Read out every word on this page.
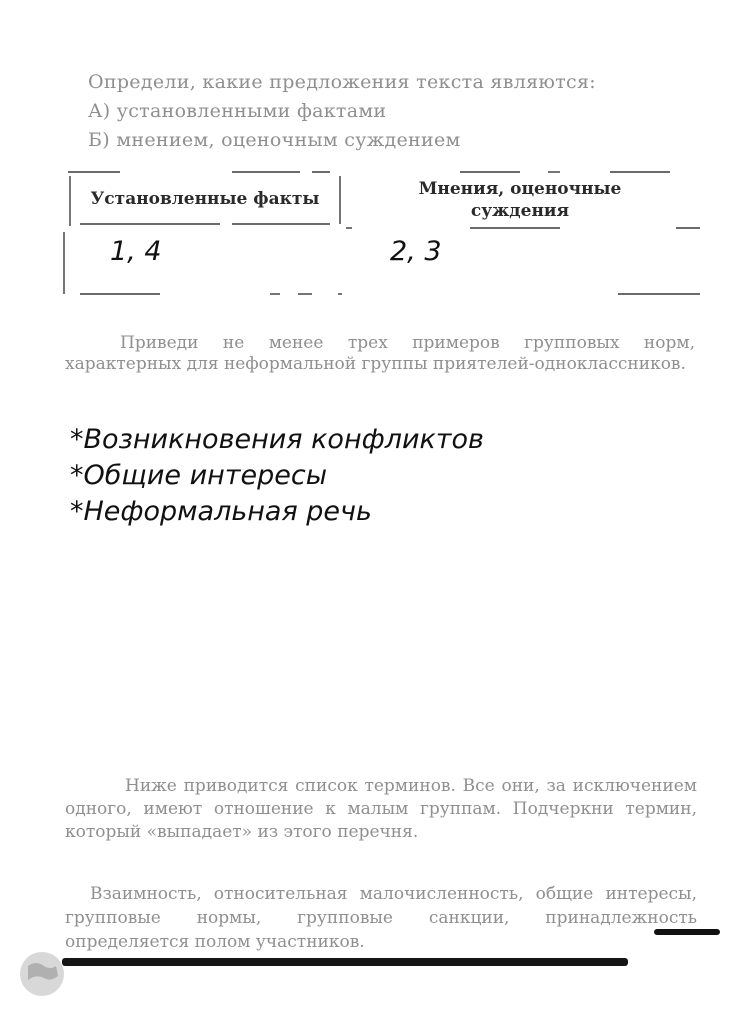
Определи, какие предложения текста являются:
А) установленными фактами
Б) мнением, оценочным суждением
Установленные факты	Мнения, оценочные суждения
1, 4	2, 3
Приведи не менее трех примеров групповых норм, характерных для неформальной группы приятелей-одноклассников.
*Возникновения конфликтов
*Общие интересы
*Неформальная речь
Ниже приводится список терминов. Все они, за исключением одного, имеют отношение к малым группам. Подчеркни термин, который «выпадает» из этого перечня.
Взаимность, относительная малочисленность, общие интересы, групповые нормы, групповые санкции, принадлежность определяется полом участников.
